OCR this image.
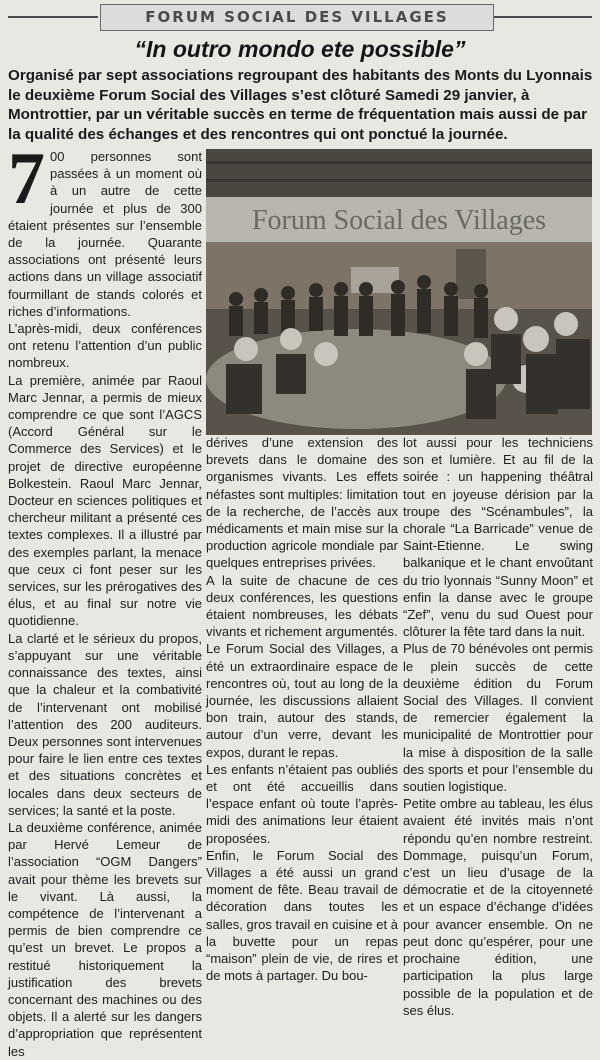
FORUM SOCIAL DES VILLAGES
“In outro mondo ete possible”

Organisé par sept associations regroupant des habitants des Monts du Lyonnais le deuxième Forum Social des Villages s’est clôturé Samedi 29 janvier, à Montrottier, par un véritable succès en terme de fréquentation mais aussi de par la qualité des échanges et des rencontres qui ont ponctué la journée.

7 00 personnes sont passées à un moment où à un autre de cette journée et plus de 300 étaient présentes sur l’ensemble de la journée. Quarante associations ont présenté leurs actions dans un village associatif fourmillant de stands colorés et riches d’informations.

L’après-midi, deux conférences ont retenu l’attention d’un public nombreux.

La première, animée par Raoul Marc Jennar, a permis de mieux comprendre ce que sont l’AGCS (Accord Général sur le Commerce des Services) et le projet de directive européenne Bolkestein. Raoul Marc Jennar, Docteur en sciences politiques et chercheur militant a présenté ces textes complexes. Il a illustré par des exemples parlant, la menace que ceux ci font peser sur les services, sur les prérogatives des élus, et au final sur notre vie quotidienne.

La clarté et le sérieux du propos, s’appuyant sur une véritable connaissance des textes, ainsi que la chaleur et la combativité de l’intervenant ont mobilisé l’attention des 200 auditeurs. Deux personnes sont intervenues pour faire le lien entre ces textes et des situations concrètes et locales dans deux secteurs de services; la santé et la poste.

La deuxième conférence, animée par Hervé Lemeur de l’association “OGM Dangers” avait pour thème les brevets sur le vivant. Là aussi, la compétence de l’intervenant a permis de bien comprendre ce qu’est un brevet. Le propos a restitué historiquement la justification des brevets concernant des machines ou des objets. Il a alerté sur les dangers d’appropriation que représentent les

Forum Social des Villages

dérives d’une extension des brevets dans le domaine des organismes vivants. Les effets néfastes sont multiples: limitation de la recherche, de l’accès aux médicaments et main mise sur la production agricole mondiale par quelques entreprises privées.

A la suite de chacune de ces deux conférences, les questions étaient nombreuses, les débats vivants et richement argumentés.

Le Forum Social des Villages, a été un extraordinaire espace de rencontres où, tout au long de la journée, les discussions allaient bon train, autour des stands, autour d’un verre, devant les expos, durant le repas.

Les enfants n’étaient pas oubliés et ont été accueillis dans l’espace enfant où toute l’après-midi des animations leur étaient proposées.

Enfin, le Forum Social des Villages a été aussi un grand moment de fête. Beau travail de décoration dans toutes les salles, gros travail en cuisine et à la buvette pour un repas “maison” plein de vie, de rires et de mots à partager. Du bou-

lot aussi pour les techniciens son et lumière. Et au fil de la soirée : un happening théâtral tout en joyeuse dérision par la troupe des “Scénambules”, la chorale “La Barricade” venue de Saint-Etienne. Le swing balkanique et le chant envoûtant du trio lyonnais “Sunny Moon” et enfin la danse avec le groupe “Zef”, venu du sud Ouest pour clôturer la fête tard dans la nuit.

Plus de 70 bénévoles ont permis le plein succès de cette deuxième édition du Forum Social des Villages. Il convient de remercier également la municipalité de Montrottier pour la mise à disposition de la salle des sports et pour l’ensemble du soutien logistique.

Petite ombre au tableau, les élus avaient été invités mais n’ont répondu qu’en nombre restreint. Dommage, puisqu’un Forum, c’est un lieu d’usage de la démocratie et de la citoyenneté et un espace d’échange d’idées pour avancer ensemble. On ne peut donc qu’espérer, pour une prochaine édition, une participation la plus large possible de la population et de ses élus.
